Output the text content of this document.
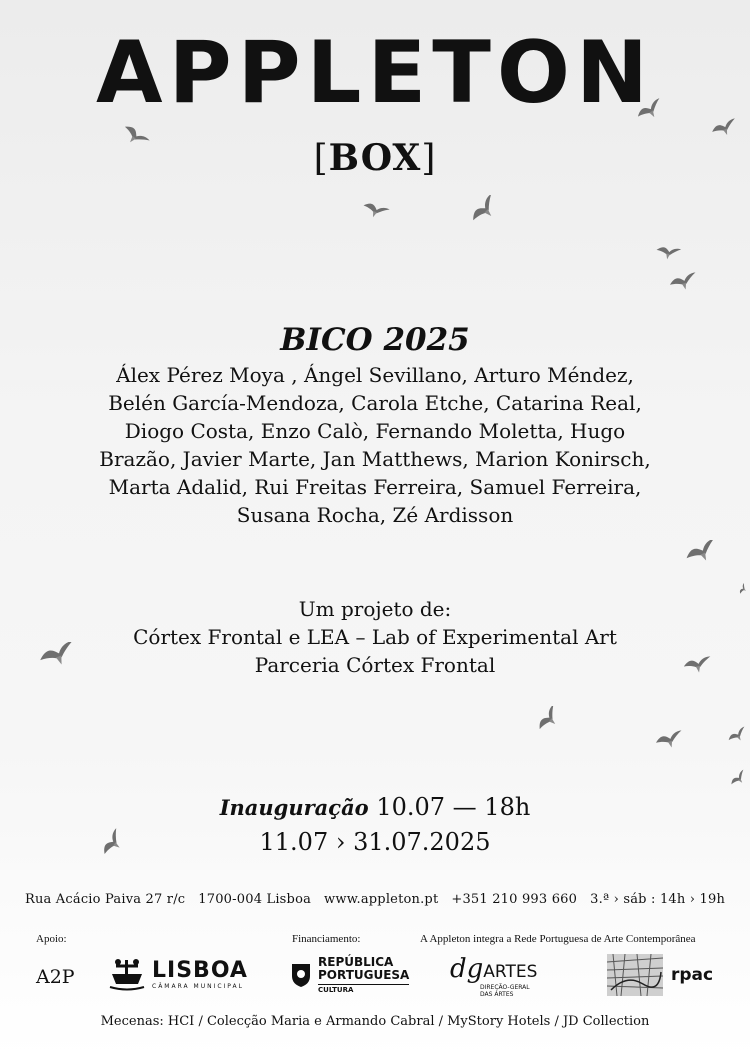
APPLETON
[BOX]
BICO 2025
Álex Pérez Moya , Ángel Sevillano, Arturo Méndez, Belén García-Mendoza, Carola Etche, Catarina Real, Diogo Costa, Enzo Calò, Fernando Moletta, Hugo Brazão, Javier Marte, Jan Matthews, Marion Konirsch, Marta Adalid, Rui Freitas Ferreira, Samuel Ferreira, Susana Rocha, Zé Ardisson
Um projeto de:
Córtex Frontal e LEA – Lab of Experimental Art
Parceria Córtex Frontal
Inauguração 10.07 — 18h
11.07 › 31.07.2025
Rua Acácio Paiva 27 r/c   1700-004 Lisboa   www.appleton.pt   +351 210 993 660   3.ª › sáb : 14h › 19h
Apoio:	Financiamento:	A Appleton integra a Rede Portuguesa de Arte Contemporânea
A2P	LISBOA
CÂMARA MUNICIPAL
REPÚBLICA
PORTUGUESA
CULTURA
dg ARTES
DIREÇÃO-GERAL
DAS ARTES
rpac
Mecenas: HCI / Colecção Maria e Armando Cabral / MyStory Hotels / JD Collection
